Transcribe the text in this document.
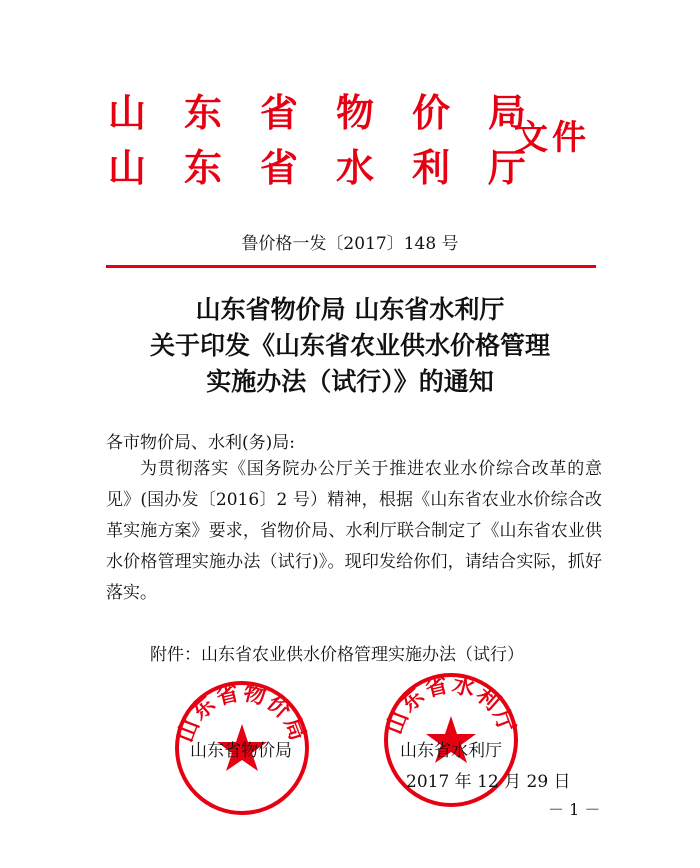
山 东 省 物 价 局
山 东 省 水 利 厅
文件
鲁价格一发〔2017〕148 号
山东省物价局 山东省水利厅
关于印发《山东省农业供水价格管理
实施办法（试行）》的通知
各市物价局、水利(务)局:

为贯彻落实《国务院办公厅关于推进农业水价综合改革的意见》(国办发〔2016〕2 号）精神，根据《山东省农业水价综合改革实施方案》要求，省物价局、水利厅联合制定了《山东省农业供水价格管理实施办法（试行)》。现印发给你们，请结合实际，抓好落实。

附件：山东省农业供水价格管理实施办法（试行）
山东省物价局	山东省水利厅
山东省物价局	山东省水利厅
2017 年 12 月 29 日
－ 1 －
